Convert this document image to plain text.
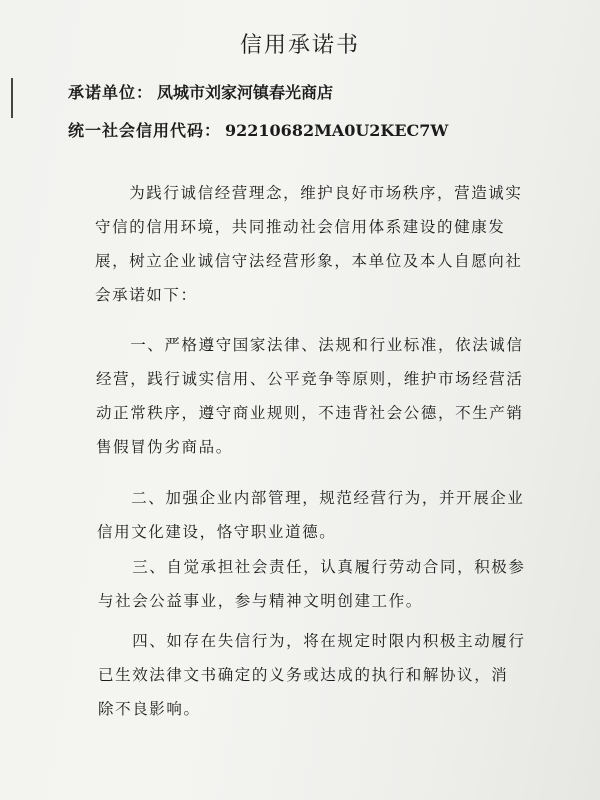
信用承诺书
承诺单位： 凤城市刘家河镇春光商店
统一社会信用代码： 92210682MA0U2KEC7W
　　为践行诚信经营理念，维护良好市场秩序，营造诚实
守信的信用环境，共同推动社会信用体系建设的健康发
展，树立企业诚信守法经营形象，本单位及本人自愿向社
会承诺如下：
　　一、严格遵守国家法律、法规和行业标准，依法诚信
经营，践行诚实信用、公平竞争等原则，维护市场经营活
动正常秩序，遵守商业规则，不违背社会公德，不生产销
售假冒伪劣商品。
　　二、加强企业内部管理，规范经营行为，并开展企业
信用文化建设，恪守职业道德。
　　三、自觉承担社会责任，认真履行劳动合同，积极参
与社会公益事业，参与精神文明创建工作。
　　四、如存在失信行为，将在规定时限内积极主动履行
已生效法律文书确定的义务或达成的执行和解协议，消
除不良影响。
